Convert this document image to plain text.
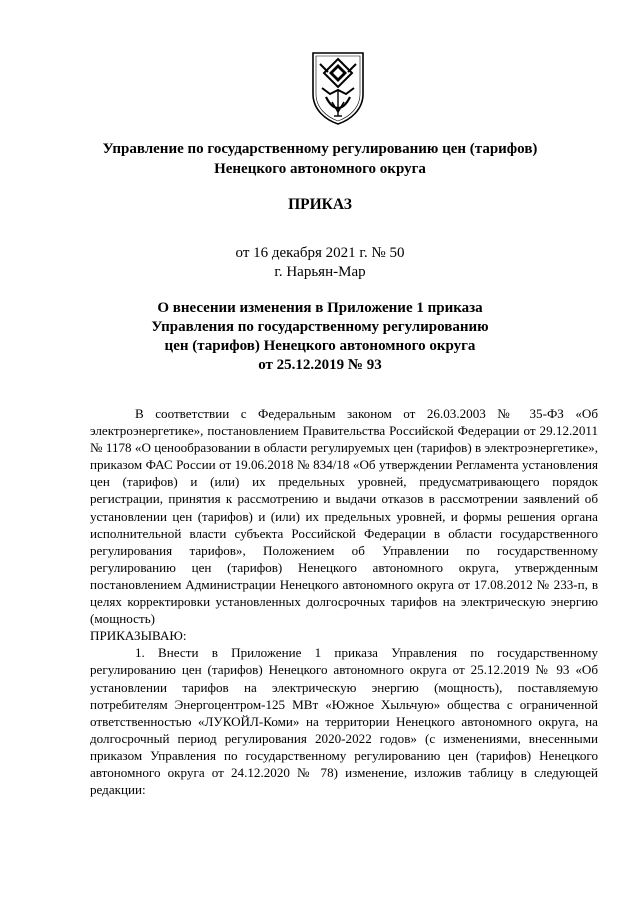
Управление по государственному регулированию цен (тарифов)
Ненецкого автономного округа
ПРИКАЗ
от 16 декабря 2021 г. № 50
г. Нарьян-Мар
О внесении изменения в Приложение 1 приказа
Управления по государственному регулированию
цен (тарифов) Ненецкого автономного округа
от 25.12.2019 № 93

В соответствии с Федеральным законом от 26.03.2003 № 35-ФЗ «Об электроэнергетике», постановлением Правительства Российской Федерации от 29.12.2011 № 1178 «О ценообразовании в области регулируемых цен (тарифов) в электроэнергетике», приказом ФАС России от 19.06.2018 № 834/18 «Об утверждении Регламента установления цен (тарифов) и (или) их предельных уровней, предусматривающего порядок регистрации, принятия к рассмотрению и выдачи отказов в рассмотрении заявлений об установлении цен (тарифов) и (или) их предельных уровней, и формы решения органа исполнительной власти субъекта Российской Федерации в области государственного регулирования тарифов», Положением об Управлении по государственному регулированию цен (тарифов) Ненецкого автономного округа, утвержденным постановлением Администрации Ненецкого автономного округа от 17.08.2012 № 233-п, в целях корректировки установленных долгосрочных тарифов на электрическую энергию (мощность)

ПРИКАЗЫВАЮ:

1. Внести в Приложение 1 приказа Управления по государственному регулированию цен (тарифов) Ненецкого автономного округа от 25.12.2019 № 93 «Об установлении тарифов на электрическую энергию (мощность), поставляемую потребителям Энергоцентром-125 МВт «Южное Хыльчую» общества с ограниченной ответственностью «ЛУКОЙЛ-Коми» на территории Ненецкого автономного округа, на долгосрочный период регулирования 2020-2022 годов» (с изменениями, внесенными приказом Управления по государственному регулированию цен (тарифов) Ненецкого автономного округа от 24.12.2020 № 78) изменение, изложив таблицу в следующей редакции:
